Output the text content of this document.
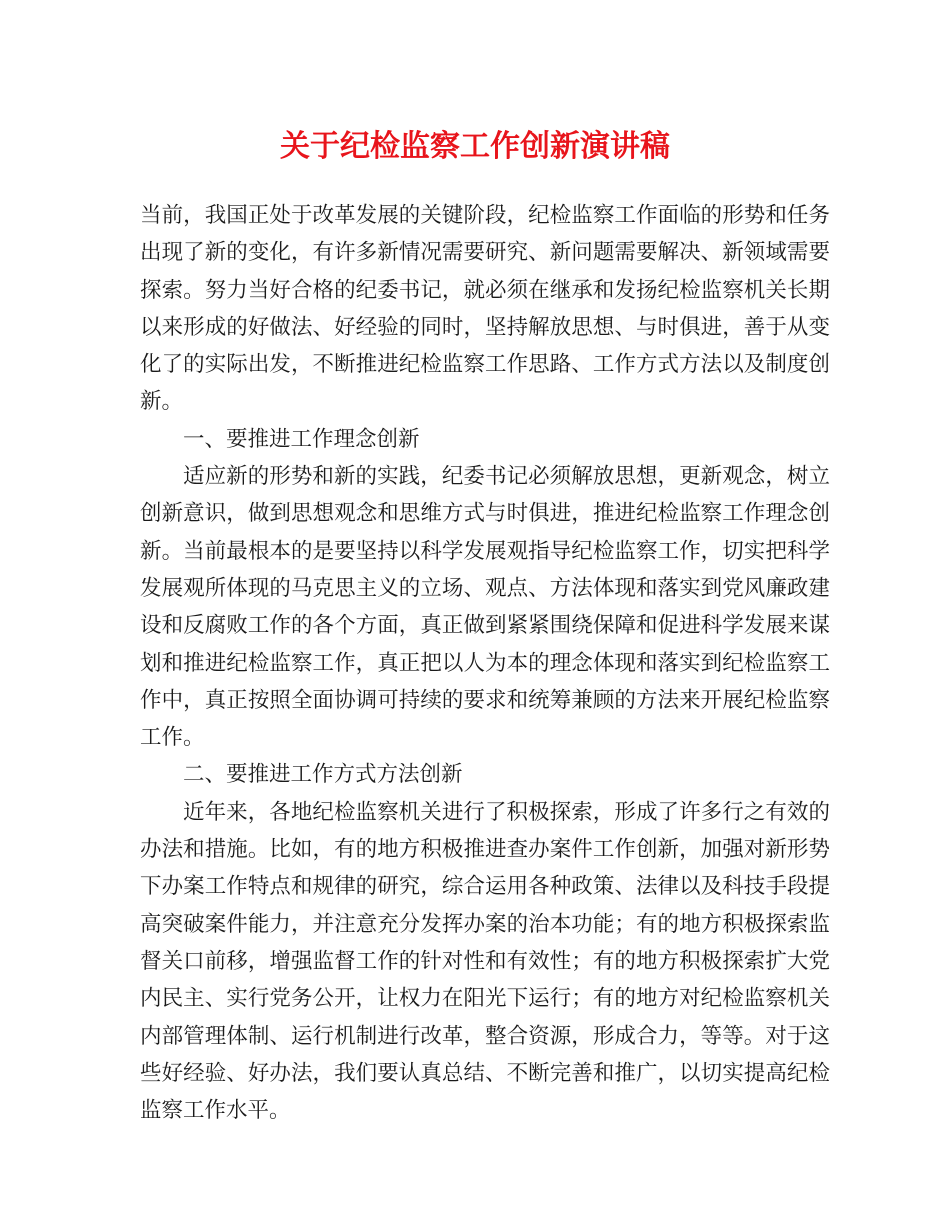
关于纪检监察工作创新演讲稿

当前，我国正处于改革发展的关键阶段，纪检监察工作面临的形势和任务出现了新的变化，有许多新情况需要研究、新问题需要解决、新领域需要探索。努力当好合格的纪委书记，就必须在继承和发扬纪检监察机关长期以来形成的好做法、好经验的同时，坚持解放思想、与时俱进，善于从变化了的实际出发，不断推进纪检监察工作思路、工作方式方法以及制度创新。

一、要推进工作理念创新

适应新的形势和新的实践，纪委书记必须解放思想，更新观念，树立创新意识，做到思想观念和思维方式与时俱进，推进纪检监察工作理念创新。当前最根本的是要坚持以科学发展观指导纪检监察工作，切实把科学发展观所体现的马克思主义的立场、观点、方法体现和落实到党风廉政建设和反腐败工作的各个方面，真正做到紧紧围绕保障和促进科学发展来谋划和推进纪检监察工作，真正把以人为本的理念体现和落实到纪检监察工作中，真正按照全面协调可持续的要求和统筹兼顾的方法来开展纪检监察工作。

二、要推进工作方式方法创新

近年来，各地纪检监察机关进行了积极探索，形成了许多行之有效的办法和措施。比如，有的地方积极推进查办案件工作创新，加强对新形势下办案工作特点和规律的研究，综合运用各种政策、法律以及科技手段提高突破案件能力，并注意充分发挥办案的治本功能；有的地方积极探索监督关口前移，增强监督工作的针对性和有效性；有的地方积极探索扩大党内民主、实行党务公开，让权力在阳光下运行；有的地方对纪检监察机关内部管理体制、运行机制进行改革，整合资源，形成合力，等等。对于这些好经验、好办法，我们要认真总结、不断完善和推广，以切实提高纪检监察工作水平。
